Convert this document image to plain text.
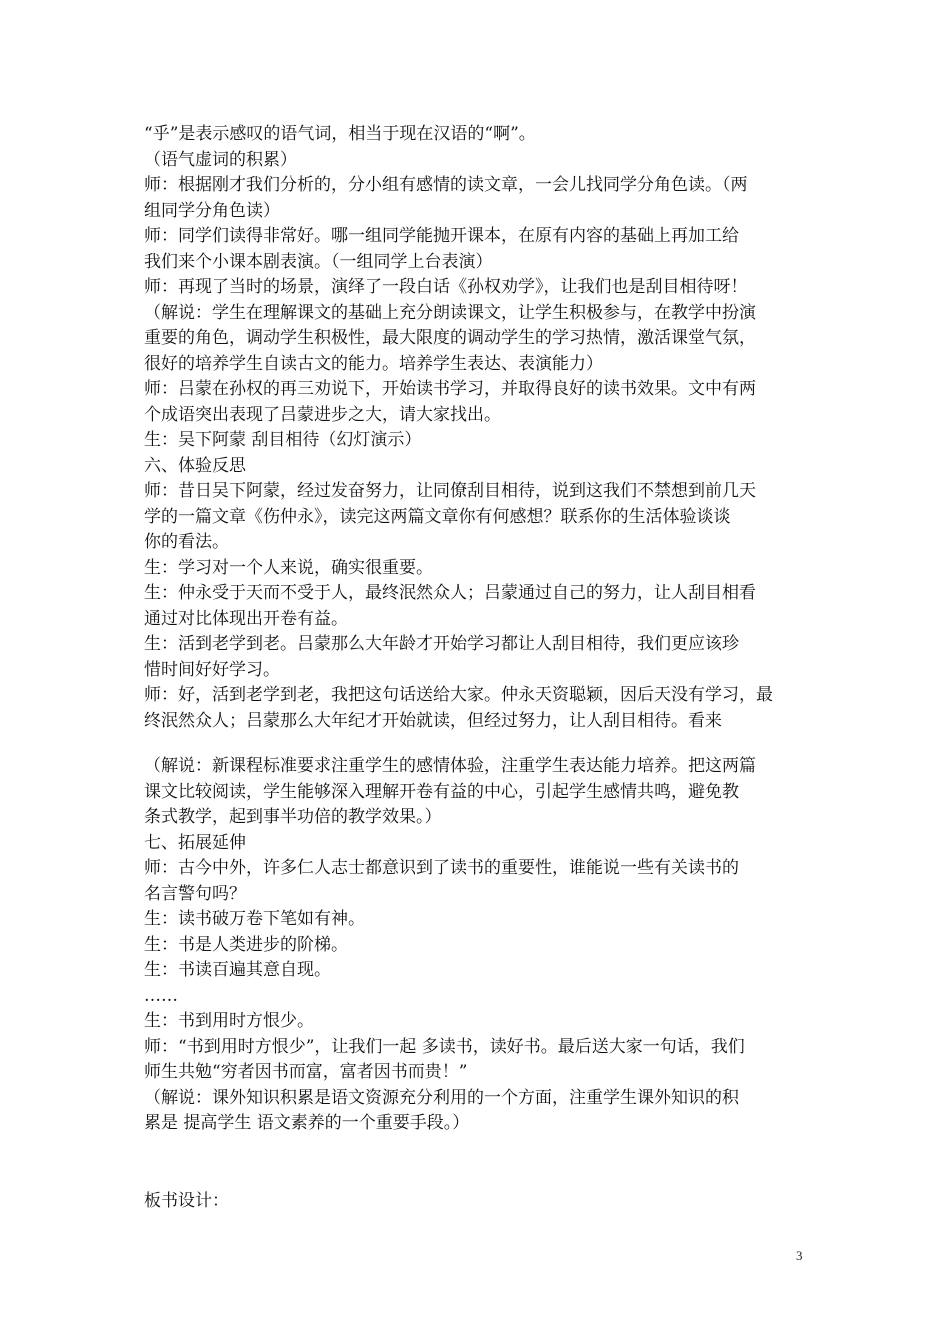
“乎”是表示感叹的语气词，相当于现在汉语的“啊”。
（语气虚词的积累）
师：根据刚才我们分析的，分小组有感情的读文章，一会儿找同学分角色读。（两
组同学分角色读）
师：同学们读得非常好。哪一组同学能抛开课本，在原有内容的基础上再加工给
我们来个小课本剧表演。（一组同学上台表演）
师：再现了当时的场景，演绎了一段白话《孙权劝学》，让我们也是刮目相待呀！
（解说：学生在理解课文的基础上充分朗读课文，让学生积极参与，在教学中扮演
重要的角色，调动学生积极性，最大限度的调动学生的学习热情，激活课堂气氛，
很好的培养学生自读古文的能力。培养学生表达、表演能力）
师：吕蒙在孙权的再三劝说下，开始读书学习，并取得良好的读书效果。文中有两
个成语突出表现了吕蒙进步之大，请大家找出。
生：吴下阿蒙 刮目相待（幻灯演示）
六、体验反思
师：昔日吴下阿蒙，经过发奋努力，让同僚刮目相待，说到这我们不禁想到前几天
学的一篇文章《伤仲永》，读完这两篇文章你有何感想？联系你的生活体验谈谈
你的看法。
生：学习对一个人来说，确实很重要。
生：仲永受于天而不受于人，最终泯然众人；吕蒙通过自己的努力，让人刮目相看
通过对比体现出开卷有益。
生：活到老学到老。吕蒙那么大年龄才开始学习都让人刮目相待，我们更应该珍
惜时间好好学习。
师：好，活到老学到老，我把这句话送给大家。仲永天资聪颖，因后天没有学习，最
终泯然众人；吕蒙那么大年纪才开始就读，但经过努力，让人刮目相待。看来
（解说：新课程标准要求注重学生的感情体验，注重学生表达能力培养。把这两篇
课文比较阅读，学生能够深入理解开卷有益的中心，引起学生感情共鸣，避免教
条式教学，起到事半功倍的教学效果。）
七、拓展延伸
师：古今中外，许多仁人志士都意识到了读书的重要性，谁能说一些有关读书的
名言警句吗？
生：读书破万卷下笔如有神。
生：书是人类进步的阶梯。
生：书读百遍其意自现。
……
生：书到用时方恨少。
师：“书到用时方恨少”，让我们一起 多读书，读好书。最后送大家一句话，我们
师生共勉“穷者因书而富，富者因书而贵！”
（解说：课外知识积累是语文资源充分利用的一个方面，注重学生课外知识的积
累是 提高学生 语文素养的一个重要手段。）
板书设计：
3
